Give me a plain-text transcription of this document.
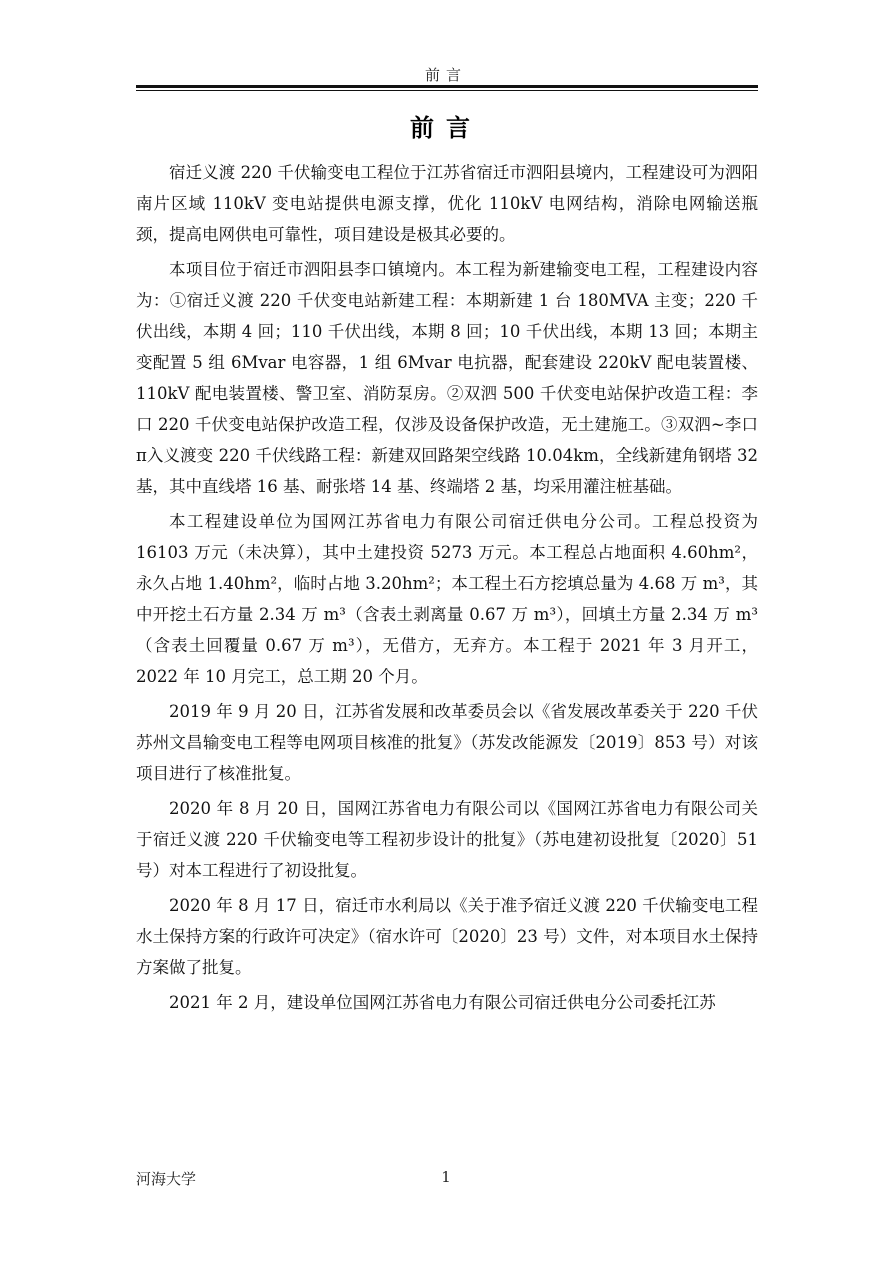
前言
前言

宿迁义渡 220 千伏输变电工程位于江苏省宿迁市泗阳县境内，工程建设可为泗阳南片区域 110kV 变电站提供电源支撑，优化 110kV 电网结构，消除电网输送瓶颈，提高电网供电可靠性，项目建设是极其必要的。

本项目位于宿迁市泗阳县李口镇境内。本工程为新建输变电工程，工程建设内容为：①宿迁义渡 220 千伏变电站新建工程：本期新建 1 台 180MVA 主变；220 千伏出线，本期 4 回；110 千伏出线，本期 8 回；10 千伏出线，本期 13 回；本期主变配置 5 组 6Mvar 电容器，1 组 6Mvar 电抗器，配套建设 220kV 配电装置楼、110kV 配电装置楼、警卫室、消防泵房。②双泗 500 千伏变电站保护改造工程：李口 220 千伏变电站保护改造工程，仅涉及设备保护改造，无土建施工。③双泗~李口π入义渡变 220 千伏线路工程：新建双回路架空线路 10.04km，全线新建角钢塔 32 基，其中直线塔 16 基、耐张塔 14 基、终端塔 2 基，均采用灌注桩基础。

本工程建设单位为国网江苏省电力有限公司宿迁供电分公司。工程总投资为 16103 万元（未决算），其中土建投资 5273 万元。本工程总占地面积 4.60hm²，永久占地 1.40hm²，临时占地 3.20hm²；本工程土石方挖填总量为 4.68 万 m³，其中开挖土石方量 2.34 万 m³（含表土剥离量 0.67 万 m³），回填土方量 2.34 万 m³（含表土回覆量 0.67 万 m³），无借方，无弃方。本工程于 2021 年 3 月开工，2022 年 10 月完工，总工期 20 个月。

2019 年 9 月 20 日，江苏省发展和改革委员会以《省发展改革委关于 220 千伏苏州文昌输变电工程等电网项目核准的批复》（苏发改能源发〔2019〕853 号）对该项目进行了核准批复。

2020 年 8 月 20 日，国网江苏省电力有限公司以《国网江苏省电力有限公司关于宿迁义渡 220 千伏输变电等工程初步设计的批复》（苏电建初设批复〔2020〕51 号）对本工程进行了初设批复。

2020 年 8 月 17 日，宿迁市水利局以《关于准予宿迁义渡 220 千伏输变电工程水土保持方案的行政许可决定》（宿水许可〔2020〕23 号）文件，对本项目水土保持方案做了批复。

2021 年 2 月，建设单位国网江苏省电力有限公司宿迁供电分公司委托江苏

河海大学	1
